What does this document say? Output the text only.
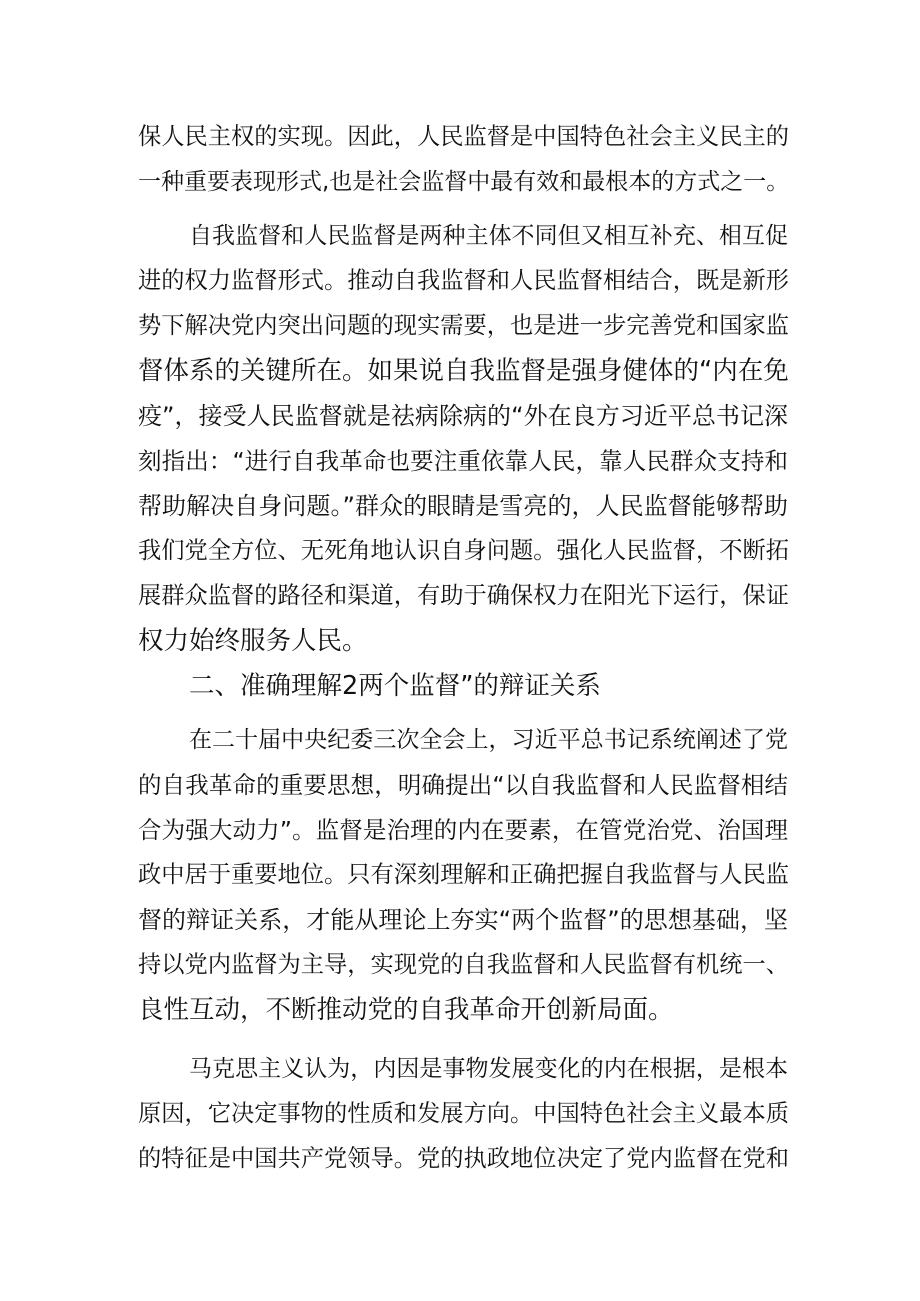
保人民主权的实现。因此，人民监督是中国特色社会主义民主的
一种重要表现形式,也是社会监督中最有效和最根本的方式之一。
自我监督和人民监督是两种主体不同但又相互补充、相互促
进的权力监督形式。推动自我监督和人民监督相结合，既是新形
势下解决党内突出问题的现实需要，也是进一步完善党和国家监
督体系的关键所在。如果说自我监督是强身健体的“内在免
疫”，接受人民监督就是祛病除病的“外在良方习近平总书记深
刻指出：“进行自我革命也要注重依靠人民，靠人民群众支持和
帮助解决自身问题。”群众的眼睛是雪亮的，人民监督能够帮助
我们党全方位、无死角地认识自身问题。强化人民监督，不断拓
展群众监督的路径和渠道，有助于确保权力在阳光下运行，保证
权力始终服务人民。
二、准确理解2两个监督”的辩证关系
在二十届中央纪委三次全会上，习近平总书记系统阐述了党
的自我革命的重要思想，明确提出“以自我监督和人民监督相结
合为强大动力”。监督是治理的内在要素，在管党治党、治国理
政中居于重要地位。只有深刻理解和正确把握自我监督与人民监
督的辩证关系，才能从理论上夯实“两个监督”的思想基础，坚
持以党内监督为主导，实现党的自我监督和人民监督有机统一、
良性互动，不断推动党的自我革命开创新局面。
马克思主义认为，内因是事物发展变化的内在根据，是根本
原因，它决定事物的性质和发展方向。中国特色社会主义最本质
的特征是中国共产党领导。党的执政地位决定了党内监督在党和
